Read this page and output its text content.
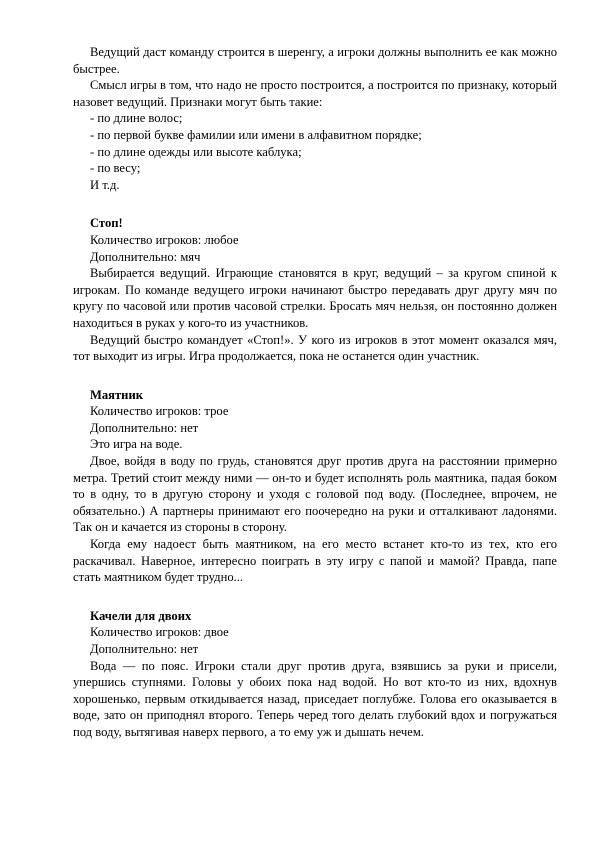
Ведущий даст команду строится в шеренгу, а игроки должны выполнить ее как можно быстрее.

Смысл игры в том, что надо не просто построится, а построится по признаку, который назовет ведущий. Признаки могут быть такие:

- по длине волос;

- по первой букве фамилии или имени в алфавитном порядке;

- по длине одежды или высоте каблука;

- по весу;

И т.д.

Стоп!

Количество игроков: любое

Дополнительно: мяч

Выбирается ведущий. Играющие становятся в круг, ведущий – за кругом спиной к игрокам. По команде ведущего игроки начинают быстро передавать друг другу мяч по кругу по часовой или против часовой стрелки. Бросать мяч нельзя, он постоянно должен находиться в руках у кого-то из участников.

Ведущий быстро командует «Стоп!». У кого из игроков в этот момент оказался мяч, тот выходит из игры. Игра продолжается, пока не останется один участник.

Маятник

Количество игроков: трое

Дополнительно: нет

Это игра на воде.

Двое, войдя в воду по грудь, становятся друг против друга на расстоянии примерно метра. Третий стоит между ними — он-то и будет исполнять роль маятника, падая боком то в одну, то в другую сторону и уходя с головой под воду. (Последнее, впрочем, не обязательно.) А партнеры принимают его поочередно на руки и отталкивают ладонями. Так он и качается из стороны в сторону.

Когда ему надоест быть маятником, на его место встанет кто-то из тех, кто его раскачивал. Наверное, интересно поиграть в эту игру с папой и мамой? Правда, папе стать маятником будет трудно...

Качели для двоих

Количество игроков: двое

Дополнительно: нет

Вода — по пояс. Игроки стали друг против друга, взявшись за руки и присели, упершись ступнями. Головы у обоих пока над водой. Но вот кто-то из них, вдохнув хорошенько, первым откидывается назад, приседает поглубже. Голова его оказывается в воде, зато он приподнял второго. Теперь черед того делать глубокий вдох и погружаться под воду, вытягивая наверх первого, а то ему уж и дышать нечем.
